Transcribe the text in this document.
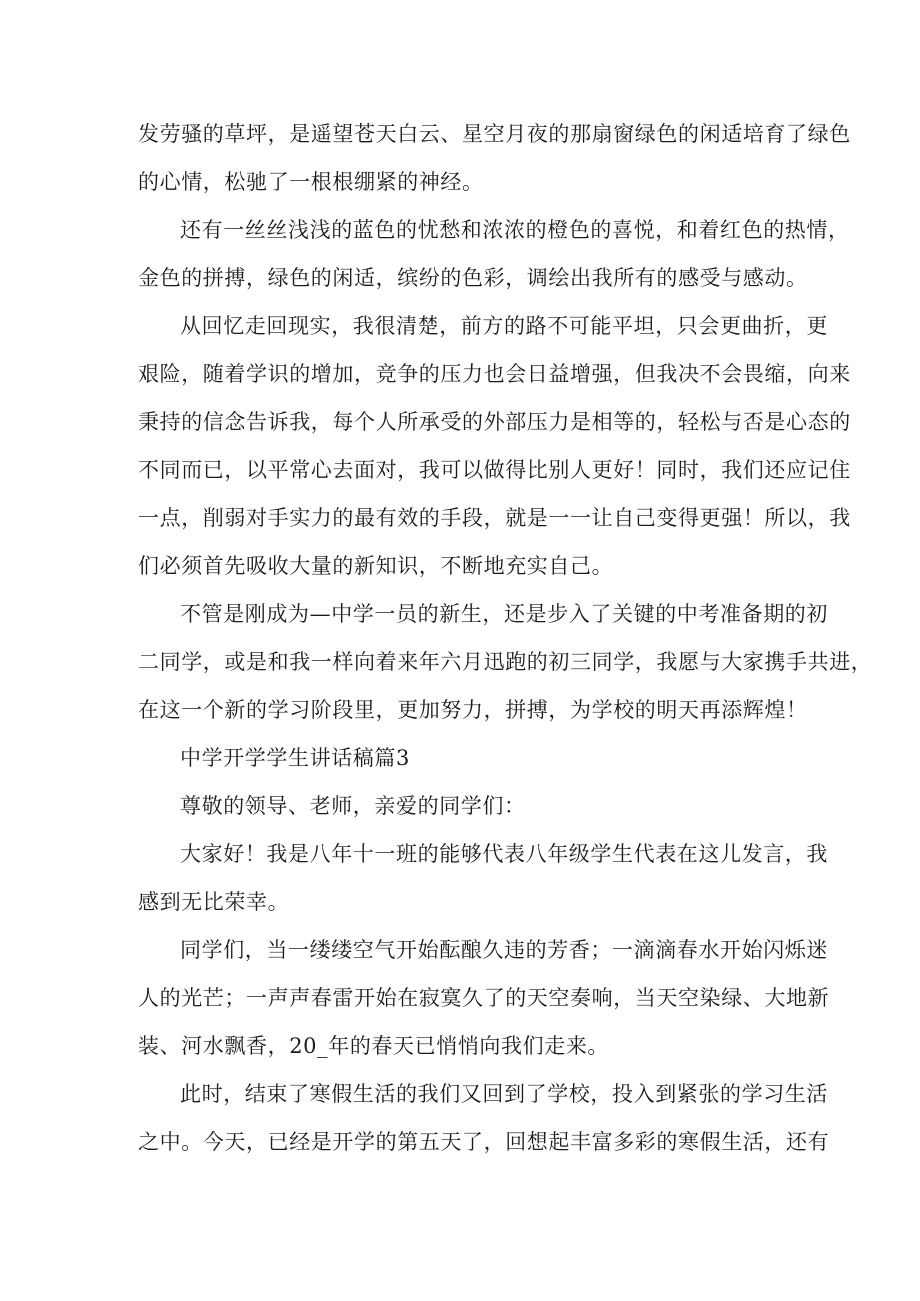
发劳骚的草坪，是遥望苍天白云、星空月夜的那扇窗绿色的闲适培育了绿色
的心情，松驰了一根根绷紧的神经。

还有一丝丝浅浅的蓝色的忧愁和浓浓的橙色的喜悦，和着红色的热情，
金色的拼搏，绿色的闲适，缤纷的色彩，调绘出我所有的感受与感动。

从回忆走回现实，我很清楚，前方的路不可能平坦，只会更曲折，更
艰险，随着学识的增加，竞争的压力也会日益增强，但我决不会畏缩，向来
秉持的信念告诉我，每个人所承受的外部压力是相等的，轻松与否是心态的
不同而已，以平常心去面对，我可以做得比别人更好！同时，我们还应记住
一点，削弱对手实力的最有效的手段，就是一一让自己变得更强！所以，我
们必须首先吸收大量的新知识，不断地充实自己。

不管是刚成为—中学一员的新生，还是步入了关键的中考准备期的初
二同学，或是和我一样向着来年六月迅跑的初三同学，我愿与大家携手共进，
在这一个新的学习阶段里，更加努力，拼搏，为学校的明天再添辉煌！

中学开学学生讲话稿篇3

尊敬的领导、老师，亲爱的同学们：

大家好！我是八年十一班的能够代表八年级学生代表在这儿发言，我
感到无比荣幸。

同学们，当一缕缕空气开始酝酿久违的芳香；一滴滴春水开始闪烁迷
人的光芒；一声声春雷开始在寂寞久了的天空奏响，当天空染绿、大地新
装、河水飘香，20_年的春天已悄悄向我们走来。

此时，结束了寒假生活的我们又回到了学校，投入到紧张的学习生活
之中。今天，已经是开学的第五天了，回想起丰富多彩的寒假生活，还有
